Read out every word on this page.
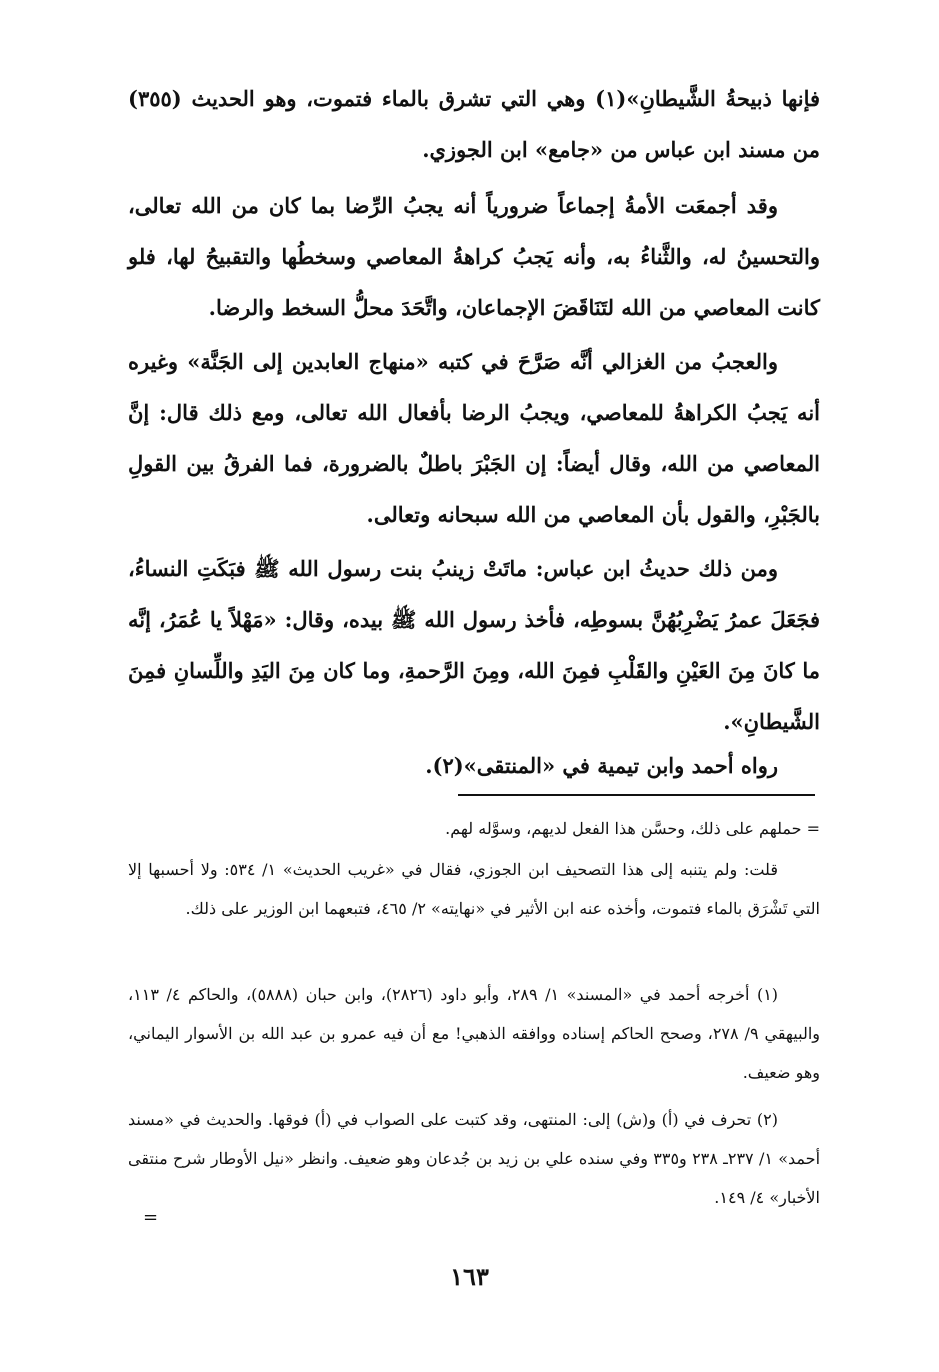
فإنها ذبيحةُ الشَّيطانِ»(١) وهي التي تشرق بالماء فتموت، وهو الحديث (٣٥٥) من مسند ابن عباس من «جامع» ابن الجوزي.

وقد أجمعَت الأمةُ إجماعاً ضرورياً أنه يجبُ الرِّضا بما كان من الله تعالى، والتحسينُ له، والثَّناءُ به، وأنه يَجبُ كراهةُ المعاصي وسخطُها والتقبيحُ لها، فلو كانت المعاصي من الله لتَنَاقَضَ الإجماعان، واتَّحَدَ محلُّ السخط والرضا.

والعجبُ من الغزالي أنَّه صَرَّحَ في كتبه «منهاج العابدين إلى الجَنَّة» وغيره أنه يَجبُ الكراهةُ للمعاصي، ويجبُ الرضا بأفعال الله تعالى، ومع ذلك قال: إنَّ المعاصي من الله، وقال أيضاً: إن الجَبْرَ باطلٌ بالضرورة، فما الفرقُ بين القولِ بالجَبْرِ، والقول بأن المعاصي من الله سبحانه وتعالى.

ومن ذلك حديثُ ابن عباس: ماتَتْ زينبُ بنت رسول الله ﷺ فبَكَتِ النساءُ، فجَعَلَ عمرُ يَضْرِبُهُنَّ بسوطِه، فأخذ رسول الله ﷺ بيده، وقال: «مَهْلاً يا عُمَرُ، إنَّه ما كانَ مِنَ العَيْنِ والقَلْبِ فمِنَ الله، ومِنَ الرَّحمةِ، وما كان مِنَ اليَدِ واللِّسانِ فمِنَ الشَّيطانِ».

رواه أحمد وابن تيمية في «المنتقى»(٢).

= حملهم على ذلك، وحسَّن هذا الفعل لديهم، وسوَّله لهم.

قلت: ولم يتنبه إلى هذا التصحيف ابن الجوزي، فقال في «غريب الحديث» ١/ ٥٣٤: ولا أحسبها إلا التي تَشْرَق بالماء فتموت، وأخذه عنه ابن الأثير في «نهايته» ٢/ ٤٦٥، فتبعهما ابن الوزير على ذلك.

(١) أخرجه أحمد في «المسند» ١/ ٢٨٩، وأبو داود (٢٨٢٦)، وابن حبان (٥٨٨٨)، والحاكم ٤/ ١١٣، والبيهقي ٩/ ٢٧٨، وصحح الحاكم إسناده ووافقه الذهبي! مع أن فيه عمرو بن عبد الله بن الأسوار اليماني، وهو ضعيف.

(٢) تحرف في (أ) و(ش) إلى: المنتهى، وقد كتبت على الصواب في (أ) فوقها. والحديث في «مسند أحمد» ١/ ٢٣٧ـ ٢٣٨ و٣٣٥ وفي سنده علي بن زيد بن جُدعان وهو ضعيف. وانظر «نيل الأوطار شرح منتقى الأخبار» ٤/ ١٤٩.

=
١٦٣
